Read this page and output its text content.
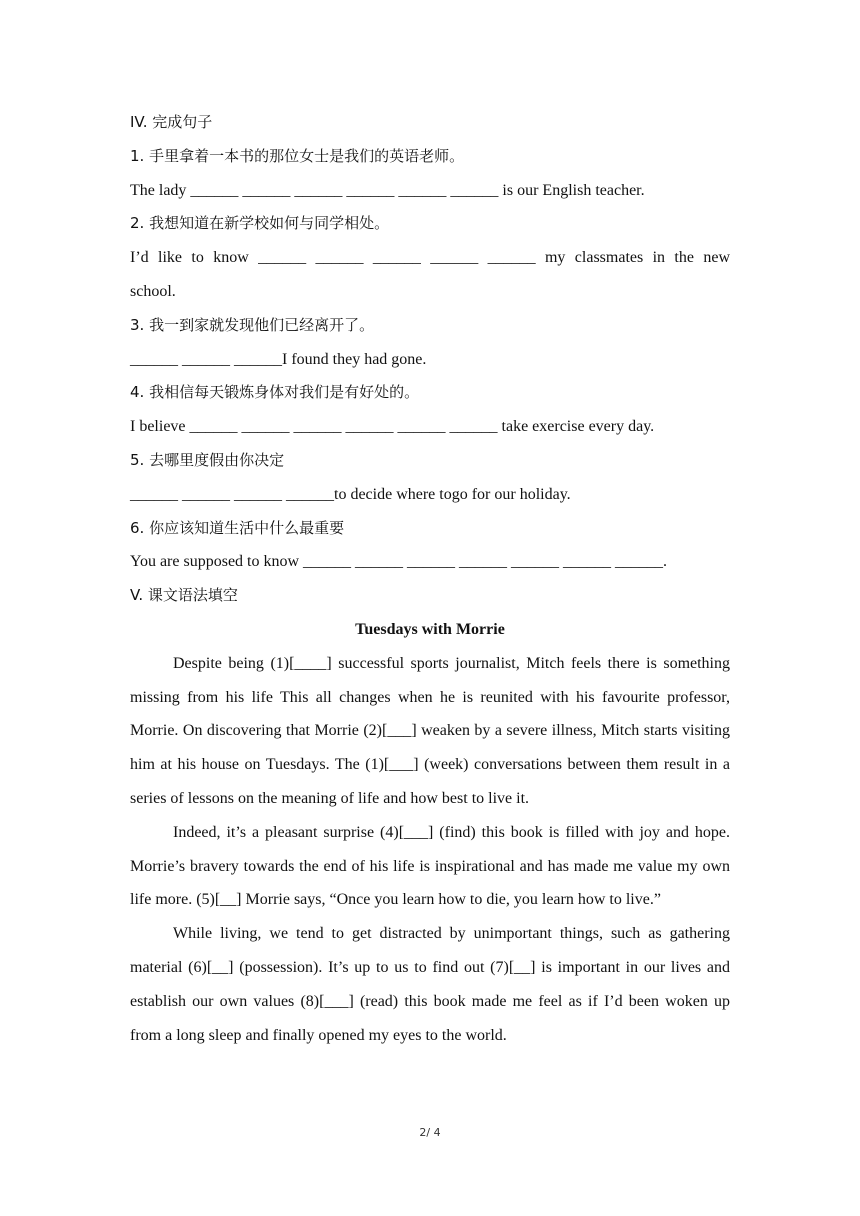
IV. 完成句子
1. 手里拿着一本书的那位女士是我们的英语老师。
The lady ______ ______ ______ ______ ______ ______ is our English teacher.
2. 我想知道在新学校如何与同学相处。
I’d like to know ______ ______ ______ ______ ______ my classmates in the new
school.
3. 我一到家就发现他们已经离开了。
______ ______ ______I found they had gone.
4. 我相信每天锻炼身体对我们是有好处的。
I believe ______ ______ ______ ______ ______ ______ take exercise every day.
5. 去哪里度假由你决定
______ ______ ______ ______to decide where togo for our holiday.
6. 你应该知道生活中什么最重要
You are supposed to know ______ ______ ______ ______ ______ ______ ______.
V. 课文语法填空
Tuesdays with Morrie

Despite being (1)[____] successful sports journalist, Mitch feels there is something missing from his life This all changes when he is reunited with his favourite professor, Morrie. On discovering that Morrie (2)[___] weaken by a severe illness, Mitch starts visiting him at his house on Tuesdays. The (1)[___] (week) conversations between them result in a series of lessons on the meaning of life and how best to live it.

Indeed, it’s a pleasant surprise (4)[___] (find) this book is filled with joy and hope. Morrie’s bravery towards the end of his life is inspirational and has made me value my own life more. (5)[__] Morrie says, “Once you learn how to die, you learn how to live.”

While living, we tend to get distracted by unimportant things, such as gathering material (6)[__] (possession). It’s up to us to find out (7)[__] is important in our lives and establish our own values (8)[___] (read) this book made me feel as if I’d been woken up from a long sleep and finally opened my eyes to the world.

2/ 4
